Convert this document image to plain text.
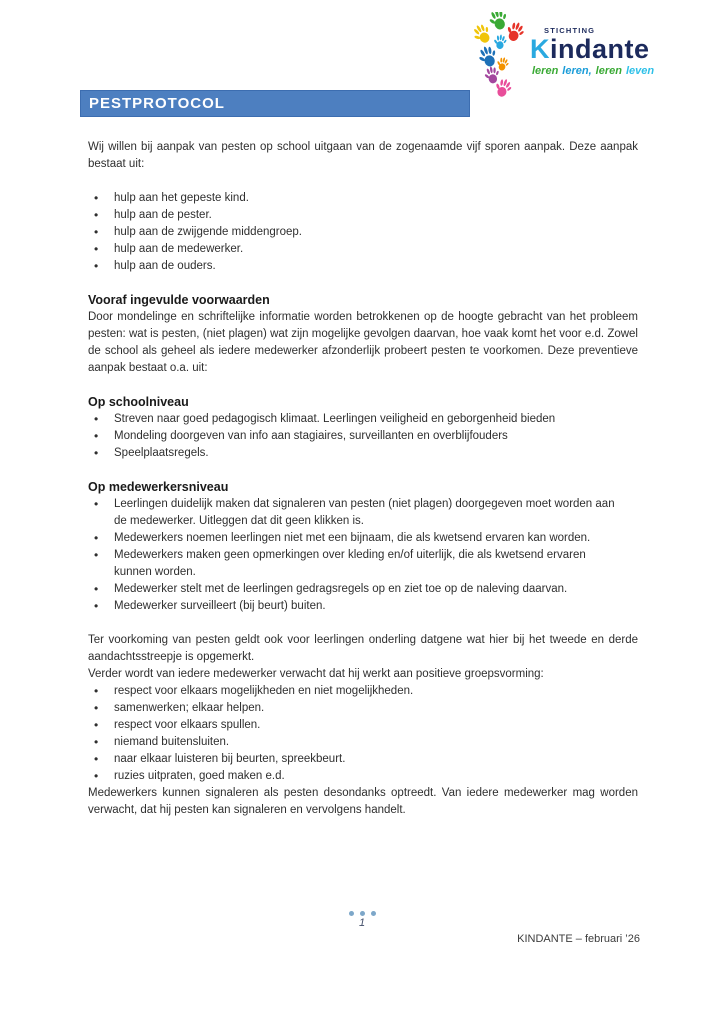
STICHTING
Kindante
leren leren, leren leven
PESTPROTOCOL

Wij willen bij aanpak van pesten op school uitgaan van de zogenaamde vijf sporen aanpak. Deze aanpak bestaat uit:

• hulp aan het gepeste kind.
• hulp aan de pester.
• hulp aan de zwijgende middengroep.
• hulp aan de medewerker.
• hulp aan de ouders.
Vooraf ingevulde voorwaarden

Door mondelinge en schriftelijke informatie worden betrokkenen op de hoogte gebracht van het probleem pesten: wat is pesten, (niet plagen) wat zijn mogelijke gevolgen daarvan, hoe vaak komt het voor e.d. Zowel de school als geheel als iedere medewerker afzonderlijk probeert pesten te voorkomen. Deze preventieve aanpak bestaat o.a. uit:

Op schoolniveau
• Streven naar goed pedagogisch klimaat. Leerlingen veiligheid en geborgenheid bieden
• Mondeling doorgeven van info aan stagiaires, surveillanten en overblijfouders
• Speelplaatsregels.
Op medewerkersniveau
• Leerlingen duidelijk maken dat signaleren van pesten (niet plagen) doorgegeven moet worden aan de medewerker. Uitleggen dat dit geen klikken is.
• Medewerkers noemen leerlingen niet met een bijnaam, die als kwetsend ervaren kan worden.
• Medewerkers maken geen opmerkingen over kleding en/of uiterlijk, die als kwetsend ervaren kunnen worden.
• Medewerker stelt met de leerlingen gedragsregels op en ziet toe op de naleving daarvan.
• Medewerker surveilleert (bij beurt) buiten.

Ter voorkoming van pesten geldt ook voor leerlingen onderling datgene wat hier bij het tweede en derde aandachtsstreepje is opgemerkt.

Verder wordt van iedere medewerker verwacht dat hij werkt aan positieve groepsvorming:

• respect voor elkaars mogelijkheden en niet mogelijkheden.
• samenwerken; elkaar helpen.
• respect voor elkaars spullen.
• niemand buitensluiten.
• naar elkaar luisteren bij beurten, spreekbeurt.
• ruzies uitpraten, goed maken e.d.

Medewerkers kunnen signaleren als pesten desondanks optreedt. Van iedere medewerker mag worden verwacht, dat hij pesten kan signaleren en vervolgens handelt.

1
KINDANTE – februari ’26
